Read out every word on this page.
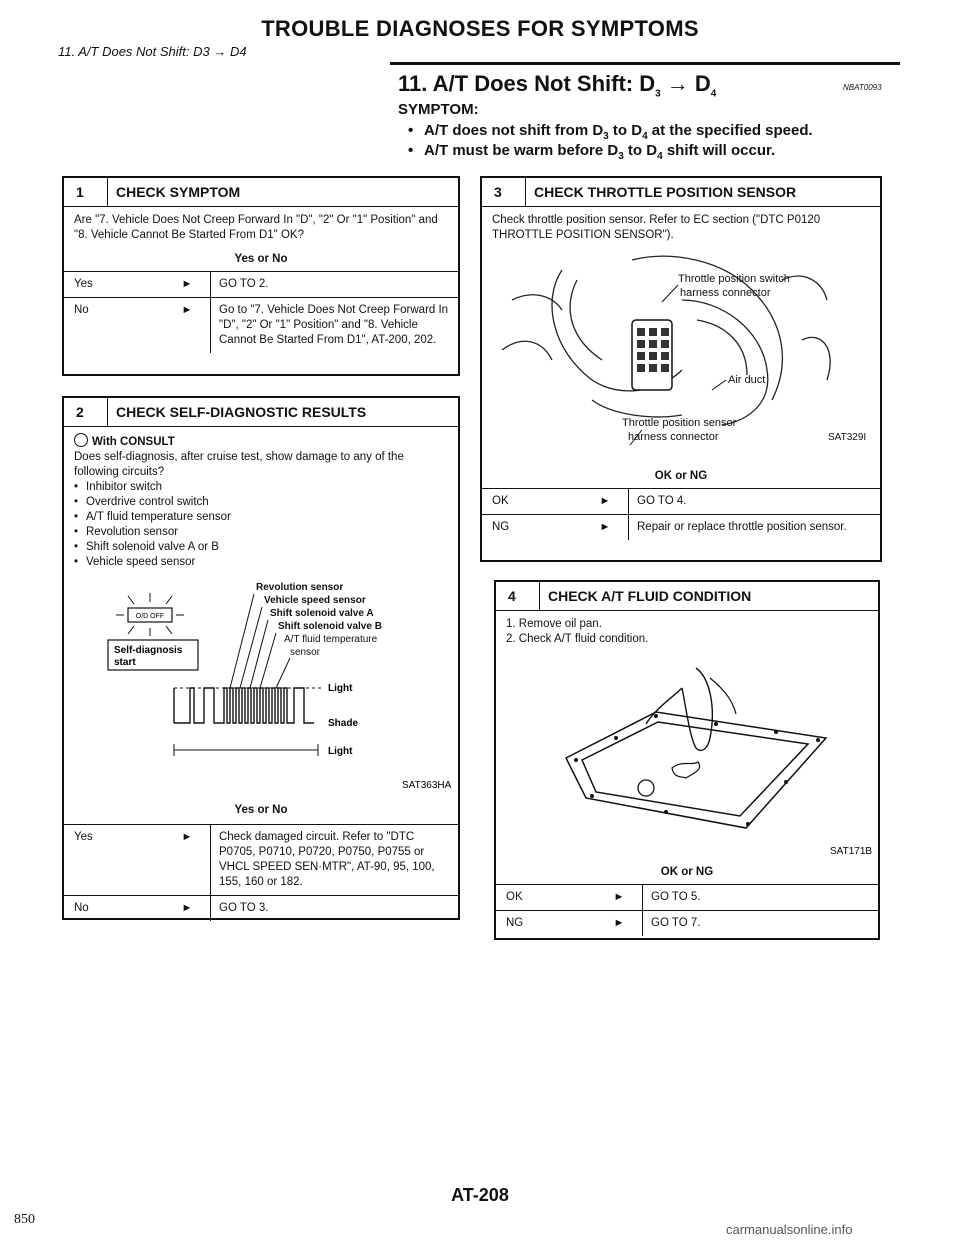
TROUBLE DIAGNOSES FOR SYMPTOMS
11. A/T Does Not Shift: D3 → D4
11. A/T Does Not Shift: $D_3 \to D_4$
NBAT0093
SYMPTOM:
• A/T does not shift from $D_3$ to $D_4$ at the specified speed.
• A/T must be warm before $D_3$ to $D_4$ shift will occur.
1	CHECK SYMPTOM
Are "7. Vehicle Does Not Creep Forward In "D", "2" Or "1" Position" and "8. Vehicle Cannot Be Started From D1" OK?
Yes or No
Yes	►	GO TO 2.
No	►	Go to "7. Vehicle Does Not Creep Forward In "D", "2" Or "1" Position" and "8. Vehicle Cannot Be Started From D1", AT-200, 202.
2	CHECK SELF-DIAGNOSTIC RESULTS
With CONSULT
Does self-diagnosis, after cruise test, show damage to any of the following circuits?
• Inhibitor switch
• Overdrive control switch
• A/T fluid temperature sensor
• Revolution sensor
• Shift solenoid valve A or B
• Vehicle speed sensor
Revolution sensor
Vehicle speed sensor
Shift solenoid valve A
Shift solenoid valve B
A/T fluid temperature
sensor
O/D OFF
Self-diagnosis
start
Light
Shade
Light
SAT363HA
Yes or No
Yes	►	Check damaged circuit. Refer to "DTC P0705, P0710, P0720, P0750, P0755 or VHCL SPEED SEN·MTR", AT-90, 95, 100, 155, 160 or 182.
No	►	GO TO 3.
3	CHECK THROTTLE POSITION SENSOR
Check throttle position sensor. Refer to EC section ("DTC P0120 THROTTLE POSITION SENSOR").
Throttle position switch
harness connector
Air duct
Throttle position sensor
harness connector	SAT329I
OK or NG
OK	►	GO TO 4.
NG	►	Repair or replace throttle position sensor.
4	CHECK A/T FLUID CONDITION
1. Remove oil pan.
2. Check A/T fluid condition.
SAT171B
OK or NG
OK	►	GO TO 5.
NG	►	GO TO 7.
AT-208
850
carmanualsonline.info
